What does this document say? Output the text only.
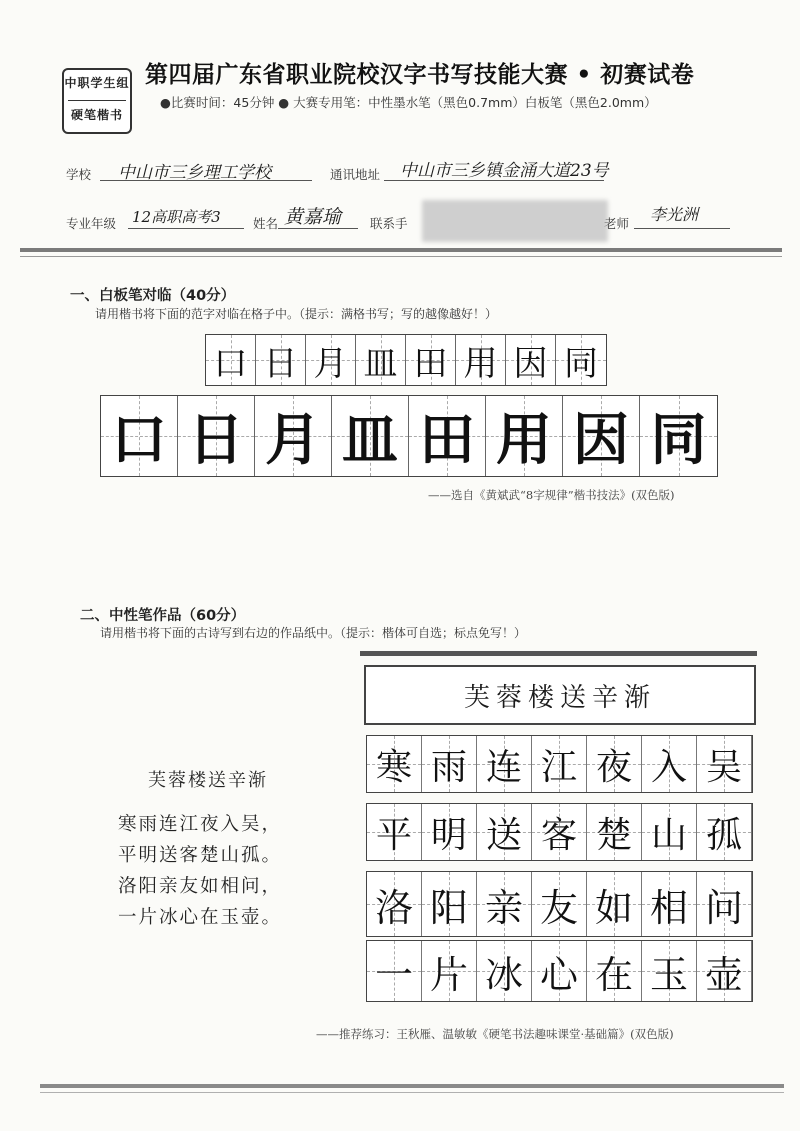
中职学生组
硬笔楷书
第四届广东省职业院校汉字书写技能大赛 • 初赛试卷
●比赛时间：45分钟 ● 大赛专用笔：中性墨水笔（黑色0.7mm）白板笔（黑色2.0mm）
学校 中山市三乡理工学校	通讯地址 中山市三乡镇金涌大道23号
专业年级 12高职高考3	姓名 黄嘉瑜 联系手	老师 李光洲
一、白板笔对临（40分）
请用楷书将下面的范字对临在格子中。（提示：满格书写；写的越像越好！）
口 日 月 皿 田 用 因 同
口 日 月 皿 田 用 因 同
——选自《黄斌武“8字规律”楷书技法》(双色版)
二、中性笔作品（60分）
请用楷书将下面的古诗写到右边的作品纸中。（提示：楷体可自选；标点免写！）
芙蓉楼送辛渐
寒雨连江夜入吴，
平明送客楚山孤。
洛阳亲友如相问，
一片冰心在玉壶。
芙蓉楼送辛渐
寒 雨 连 江 夜 入 吴
平 明 送 客 楚 山 孤
洛 阳 亲 友 如 相 问
一 片 冰 心 在 玉 壶
——推荐练习：王秋雁、温敏敏《硬笔书法趣味课堂·基础篇》(双色版)
